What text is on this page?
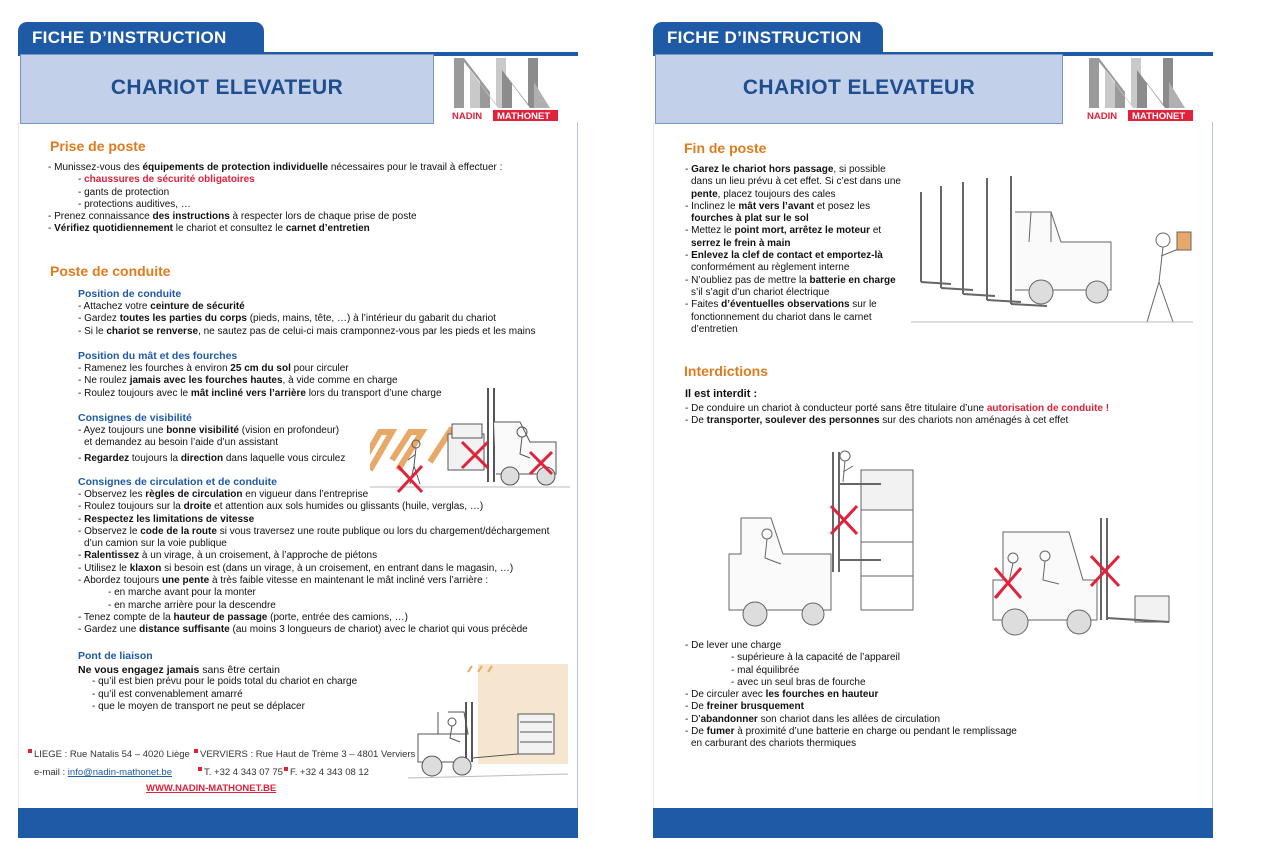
FICHE D’INSTRUCTION
CHARIOT ELEVATEUR
NADIN MATHONET
Prise de poste
- Munissez-vous des équipements de protection individuelle nécessaires pour le travail à effectuer :
- chaussures de sécurité obligatoires
- gants de protection
- protections auditives, …
- Prenez connaissance des instructions à respecter lors de chaque prise de poste
- Vérifiez quotidiennement le chariot et consultez le carnet d’entretien
Poste de conduite
Position de conduite
- Attachez votre ceinture de sécurité
- Gardez toutes les parties du corps (pieds, mains, tête, …) à l’intérieur du gabarit du chariot
- Si le chariot se renverse, ne sautez pas de celui-ci mais cramponnez-vous par les pieds et les mains
Position du mât et des fourches
- Ramenez les fourches à environ 25 cm du sol pour circuler
- Ne roulez jamais avec les fourches hautes, à vide comme en charge
- Roulez toujours avec le mât incliné vers l’arrière lors du transport d’une charge
Consignes de visibilité
- Ayez toujours une bonne visibilité (vision en profondeur)
et demandez au besoin l’aide d’un assistant
- Regardez toujours la direction dans laquelle vous circulez
Consignes de circulation et de conduite
- Observez les règles de circulation en vigueur dans l’entreprise
- Roulez toujours sur la droite et attention aux sols humides ou glissants (huile, verglas, …)
- Respectez les limitations de vitesse
- Observez le code de la route si vous traversez une route publique ou lors du chargement/déchargement
d’un camion sur la voie publique
- Ralentissez à un virage, à un croisement, à l’approche de piétons
- Utilisez le klaxon si besoin est (dans un virage, à un croisement, en entrant dans le magasin, …)
- Abordez toujours une pente à très faible vitesse en maintenant le mât incliné vers l’arrière :
- en marche avant pour la monter
- en marche arrière pour la descendre
- Tenez compte de la hauteur de passage (porte, entrée des camions, …)
- Gardez une distance suffisante (au moins 3 longueurs de chariot) avec le chariot qui vous précède
Pont de liaison
Ne vous engagez jamais sans être certain
- qu’il est bien prévu pour le poids total du chariot en charge
- qu’il est convenablement amarré
- que le moyen de transport ne peut se déplacer
LIEGE : Rue Natalis 54 – 4020 Liège	VERVIERS : Rue Haut de Trème 3 – 4801 Verviers
e-mail : info@nadin-mathonet.be	T. +32 4 343 07 75 F. +32 4 343 08 12
WWW.NADIN-MATHONET.BE
FICHE D’INSTRUCTION
CHARIOT ELEVATEUR
NADIN MATHONET
Fin de poste
- Garez le chariot hors passage, si possible
dans un lieu prévu à cet effet. Si c’est dans une
pente, placez toujours des cales
- Inclinez le mât vers l’avant et posez les
fourches à plat sur le sol
- Mettez le point mort, arrêtez le moteur et
serrez le frein à main
- Enlevez la clef de contact et emportez-là
conformément au règlement interne
- N’oubliez pas de mettre la batterie en charge
s’il s’agit d’un chariot électrique
- Faites d’éventuelles observations sur le
fonctionnement du chariot dans le carnet
d’entretien
Interdictions
Il est interdit :
- De conduire un chariot à conducteur porté sans être titulaire d’une autorisation de conduite !
- De transporter, soulever des personnes sur des chariots non aménagés à cet effet
- De lever une charge
- supérieure à la capacité de l’appareil
- mal équilibrée
- avec un seul bras de fourche
- De circuler avec les fourches en hauteur
- De freiner brusquement
- D’abandonner son chariot dans les allées de circulation
- De fumer à proximité d’une batterie en charge ou pendant le remplissage
en carburant des chariots thermiques
